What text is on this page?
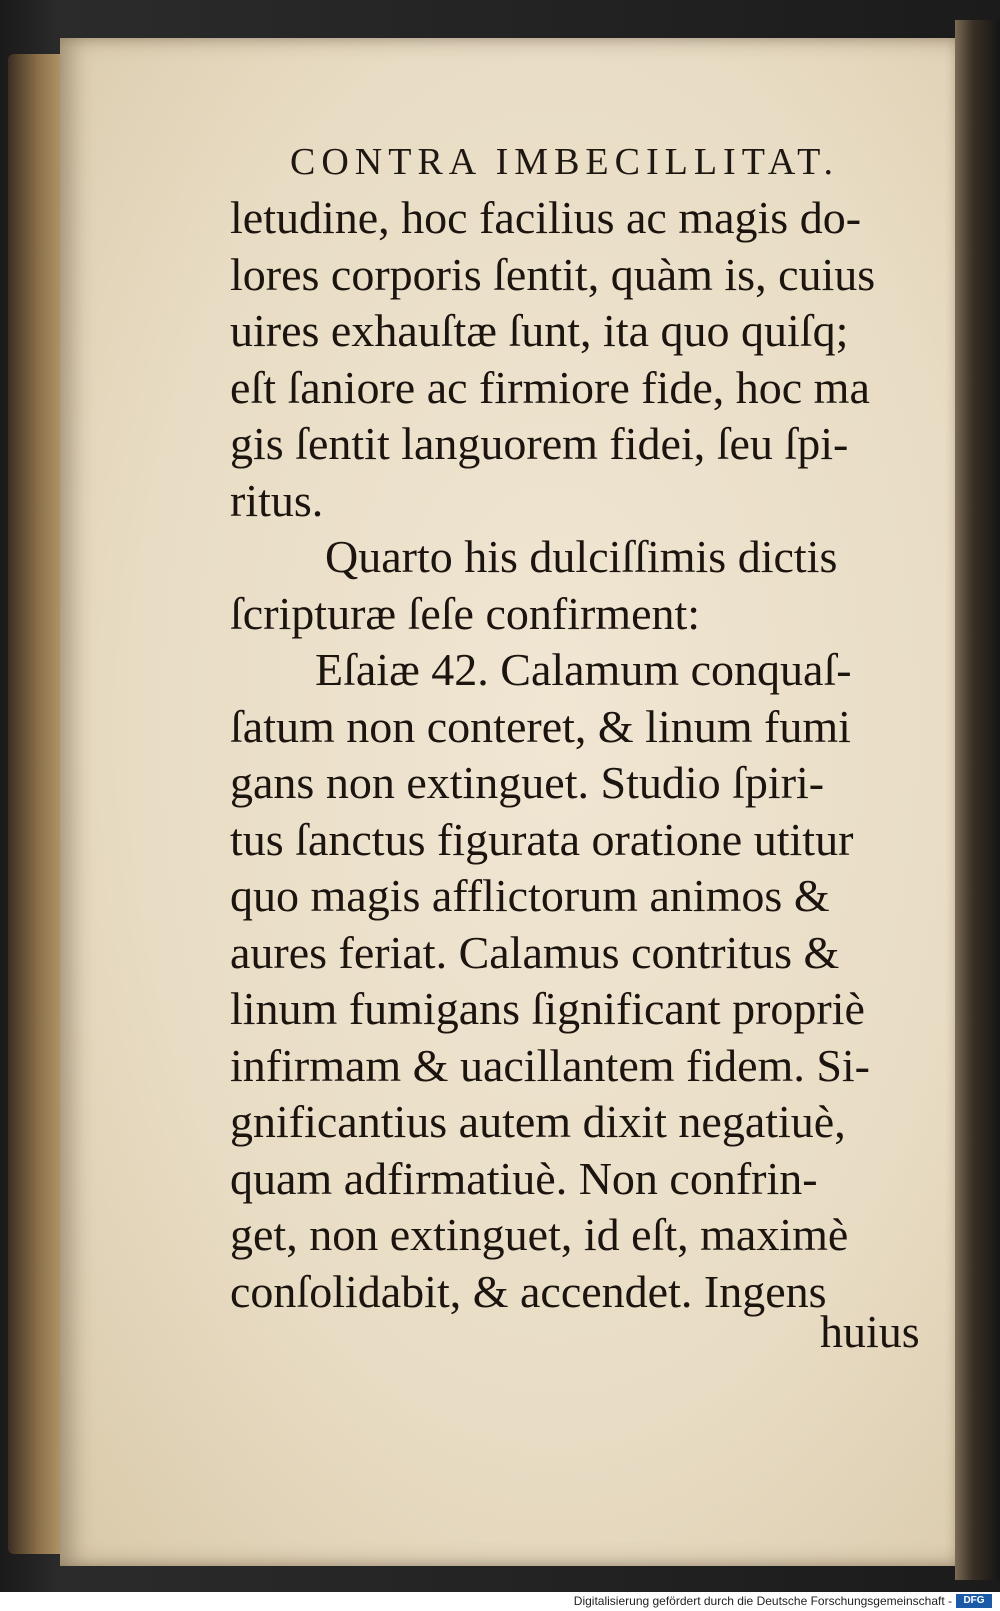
CONTRA IMBECILLITAT.
letudine, hoc facilius ac magis do-
lores corporis ſentit, quàm is, cuius
uires exhauſtæ ſunt, ita quo quiſq;
eſt ſaniore ac firmiore fide, hoc ma
gis ſentit languorem fidei, ſeu ſpi-
ritus.
Quarto his dulciſſimis dictis
ſcripturæ ſeſe confirment:
Eſaiæ 42. Calamum conquaſ-
ſatum non conteret, & linum fumi
gans non extinguet. Studio ſpiri-
tus ſanctus figurata oratione utitur
quo magis afflictorum animos &
aures feriat. Calamus contritus &
linum fumigans ſignificant propriè
infirmam & uacillantem fidem. Si-
gnificantius autem dixit negatiuè,
quam adfirmatiuè. Non confrin-
get, non extinguet, id eſt, maximè
conſolidabit, & accendet. Ingens
huius
Digitalisierung gefördert durch die Deutsche Forschungsgemeinschaft -	DFG
